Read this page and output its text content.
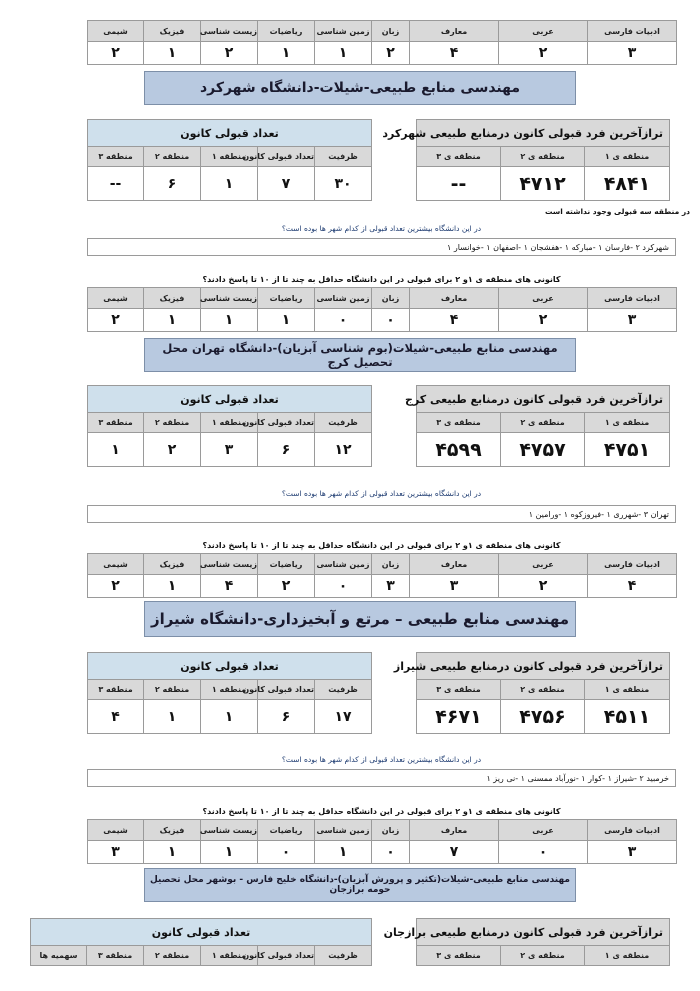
ادبیات فارسی	عربی	معارف	زبان	زمین شناسی	ریاضیات	زیست شناسی	فیزیک	شیمی
۳	۲	۴	۲	۱	۱	۲	۱	۲
مهندسی منابع طبیعی-شیلات-دانشگاه شهرکرد
ترازآخرین فرد قبولی کانون درمنابع طبیعی شهرکرد		
منطقه ی ۱	منطقه ی ۲	منطقه ی ۳
۴۸۴۱	۴۷۱۲	--
تعداد قبولی کانون				
ظرفیت	تعداد قبولی کانون	منطقه ۱	منطقه ۲	منطقه ۳
۳۰	۷	۱	۶	--
در منطقه سه قبولی وجود نداشته است
در این دانشگاه بیشترین تعداد قبولی از کدام شهر ها بوده است؟
شهرکرد ۲ -فارسان ۱ -مبارکه ۱ -هفشجان ۱ -اصفهان ۱ -خوانسار ۱
کانونی های منطقه ی ۱و ۲ برای قبولی در این دانشگاه حداقل به چند تا از ۱۰ تا پاسخ دادند؟
ادبیات فارسی	عربی	معارف	زبان	زمین شناسی	ریاضیات	زیست شناسی	فیزیک	شیمی
۳	۲	۴	۰	۰	۱	۱	۱	۲
مهندسی منابع طبیعی-شیلات(بوم شناسی آبزیان)-دانشگاه تهران محل تحصیل کرج
ترازآخرین فرد قبولی کانون درمنابع طبیعی کرج		
منطقه ی ۱	منطقه ی ۲	منطقه ی ۳
۴۷۵۱	۴۷۵۷	۴۵۹۹
تعداد قبولی کانون				
ظرفیت	تعداد قبولی کانون	منطقه ۱	منطقه ۲	منطقه ۳
۱۲	۶	۳	۲	۱
در این دانشگاه بیشترین تعداد قبولی از کدام شهر ها بوده است؟
تهران ۳ -شهرری ۱ -فیروزکوه ۱ -ورامین ۱
کانونی های منطقه ی ۱و ۲ برای قبولی در این دانشگاه حداقل به چند تا از ۱۰ تا پاسخ دادند؟
ادبیات فارسی	عربی	معارف	زبان	زمین شناسی	ریاضیات	زیست شناسی	فیزیک	شیمی
۴	۲	۳	۳	۰	۲	۴	۱	۲
مهندسی منابع طبیعی – مرتع و آبخیزداری-دانشگاه شیراز
ترازآخرین فرد قبولی کانون درمنابع طبیعی شیراز		
منطقه ی ۱	منطقه ی ۲	منطقه ی ۳
۴۵۱۱	۴۷۵۶	۴۶۷۱
تعداد قبولی کانون				
ظرفیت	تعداد قبولی کانون	منطقه ۱	منطقه ۲	منطقه ۳
۱۷	۶	۱	۱	۴
در این دانشگاه بیشترین تعداد قبولی از کدام شهر ها بوده است؟
خرمبید ۲ -شیراز ۱ -کوار ۱ -نورآباد ممسنی ۱ -نی ریز ۱
کانونی های منطقه ی ۱و ۲ برای قبولی در این دانشگاه حداقل به چند تا از ۱۰ تا پاسخ دادند؟
ادبیات فارسی	عربی	معارف	زبان	زمین شناسی	ریاضیات	زیست شناسی	فیزیک	شیمی
۳	۰	۷	۰	۱	۰	۱	۱	۳
مهندسی منابع طبیعی-شیلات(تکثیر و پرورش آبزیان)-دانشگاه خلیج فارس - بوشهر محل تحصیل حومه برازجان
ترازآخرین فرد قبولی کانون درمنابع طبیعی برازجان
منطقه ی ۱	منطقه ی ۲	منطقه ی ۳
تعداد قبولی کانون
ظرفیت	تعداد قبولی کانون	منطقه ۱	منطقه ۲	منطقه ۳	سهمیه ها
